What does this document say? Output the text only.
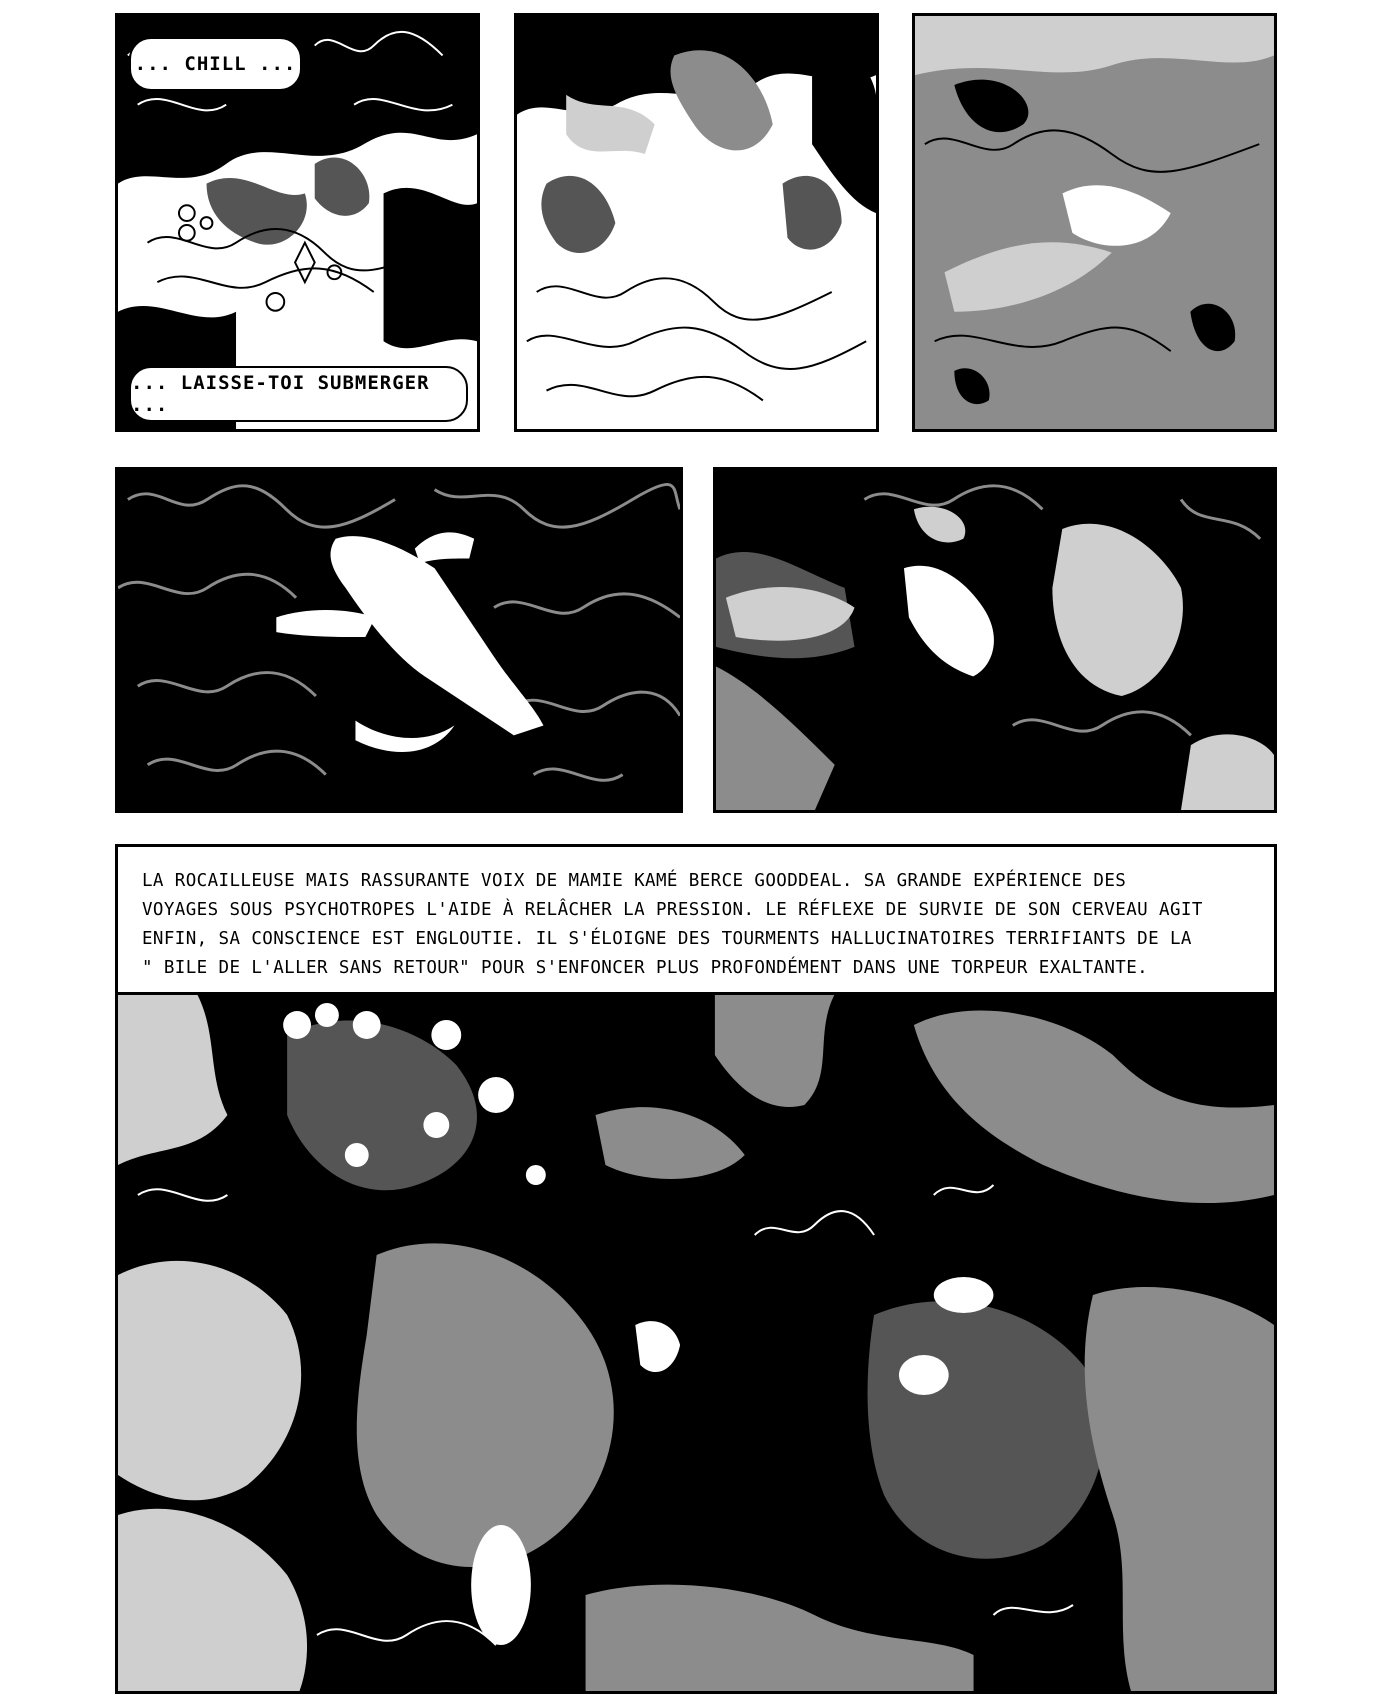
... CHILL ...
... LAISSE-TOI SUBMERGER ...

LA ROCAILLEUSE MAIS RASSURANTE VOIX DE MAMIE KAMÉ BERCE GOODDEAL. SA GRANDE EXPÉRIENCE DES

VOYAGES SOUS PSYCHOTROPES L'AIDE À RELÂCHER LA PRESSION. LE RÉFLEXE DE SURVIE DE SON CERVEAU AGIT

ENFIN, SA CONSCIENCE EST ENGLOUTIE. IL S'ÉLOIGNE DES TOURMENTS HALLUCINATOIRES TERRIFIANTS DE LA

" BILE DE L'ALLER SANS RETOUR" POUR S'ENFONCER PLUS PROFONDÉMENT DANS UNE TORPEUR EXALTANTE.
